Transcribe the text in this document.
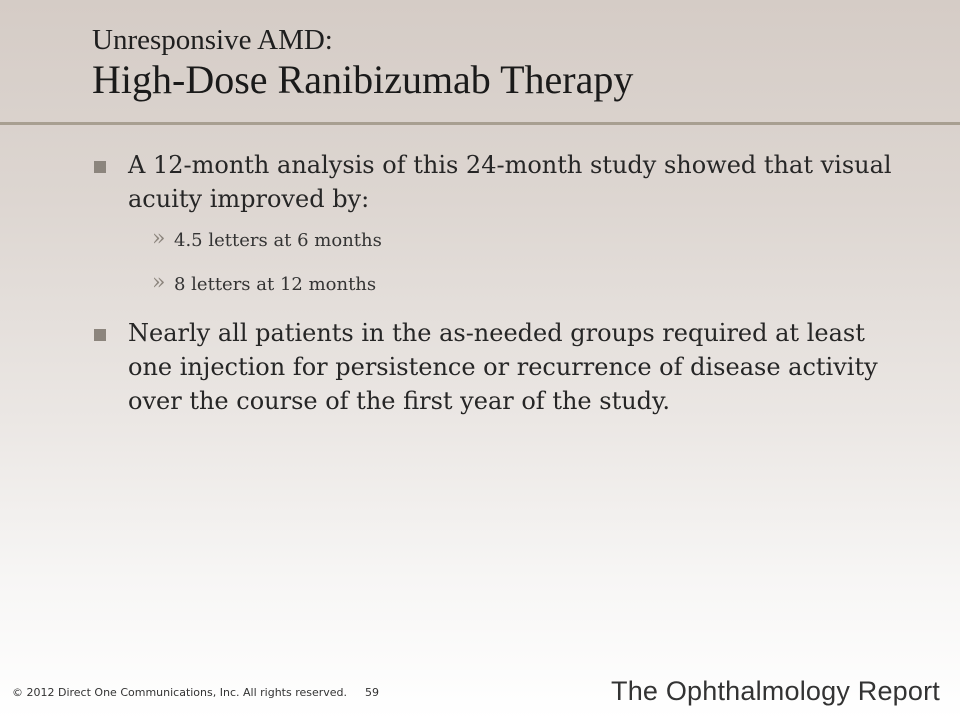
Unresponsive AMD:
High-Dose Ranibizumab Therapy
A 12-month analysis of this 24-month study showed that visual acuity improved by:
» 4.5 letters at 6 months
» 8 letters at 12 months
Nearly all patients in the as-needed groups required at least one injection for persistence or recurrence of disease activity over the course of the first year of the study.
© 2012 Direct One Communications, Inc. All rights reserved. 59	The Ophthalmology Report
